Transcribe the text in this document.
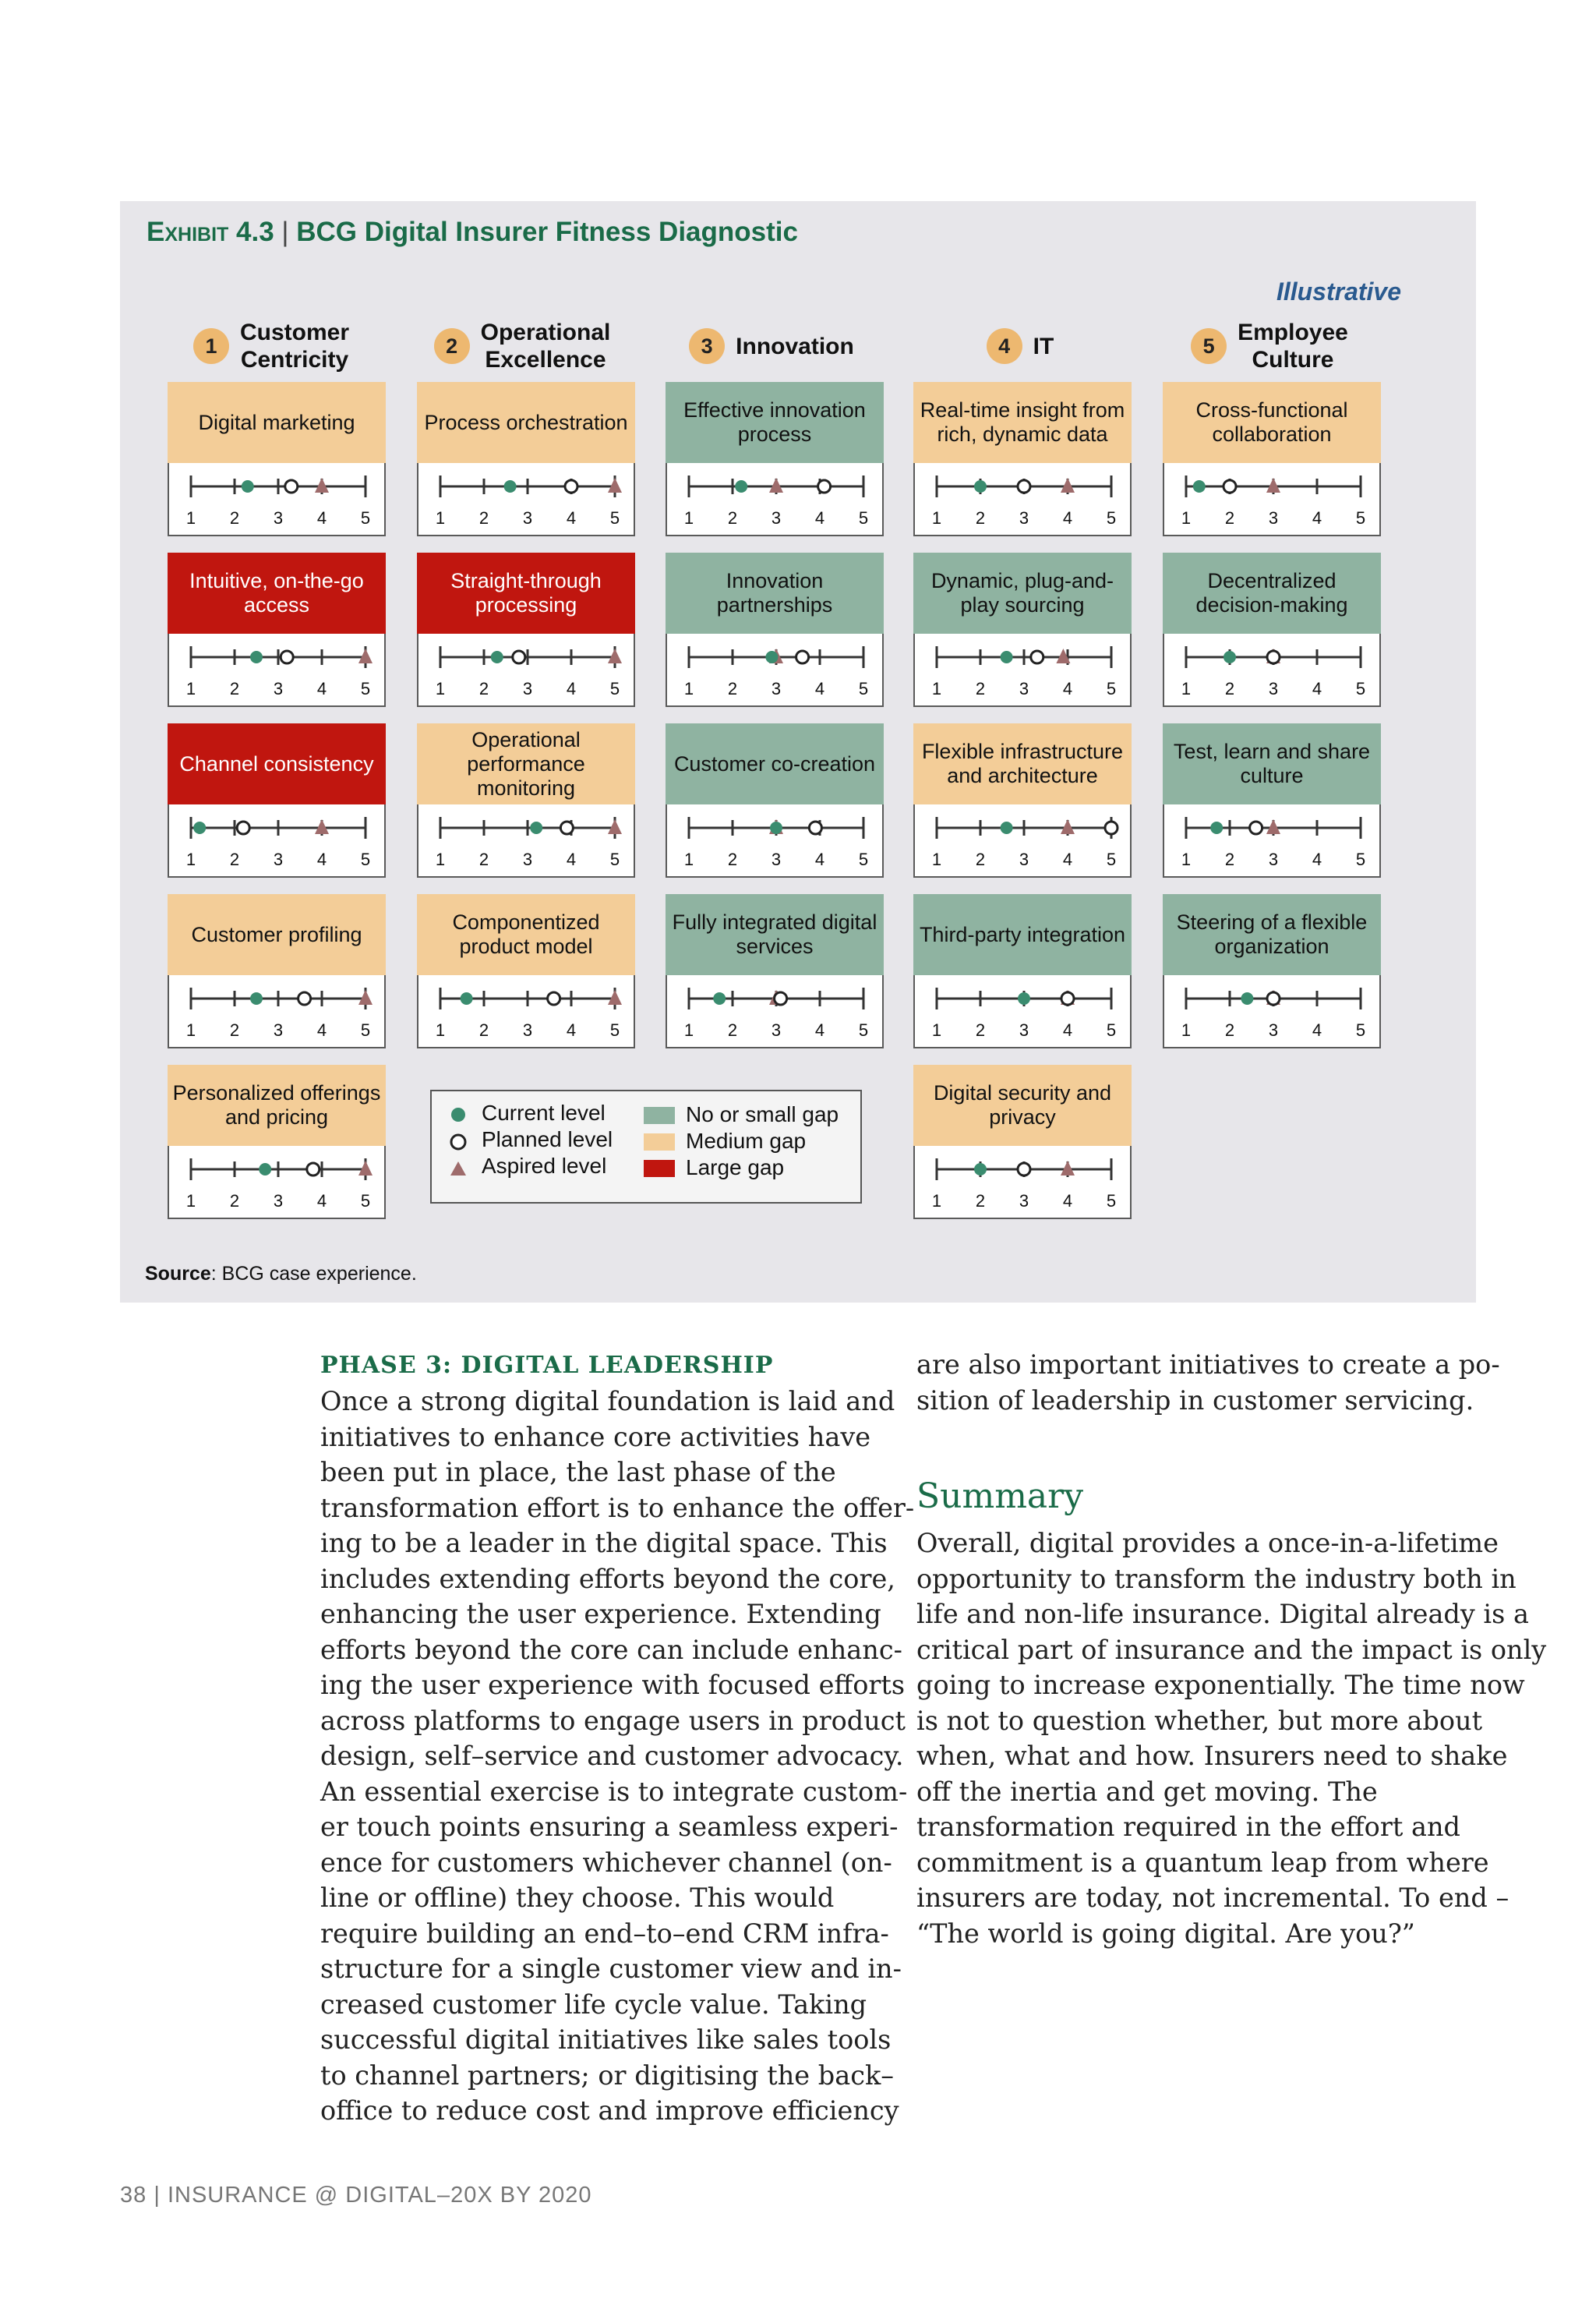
Exhibit 4.3 | BCG Digital Insurer Fitness Diagnostic
Illustrative
1
Customer
Centricity
2
Operational
Excellence
3 Innovation	4 IT	5
Employee
Culture
Digital marketing
1 2 3 4 5
Intuitive, on-the-go access
1 2 3 4 5
Channel consistency
1 2 3 4 5
Customer profiling
1 2 3 4 5
Personalized offerings and pricing
1 2 3 4 5
Process orchestration
1 2 3 4 5
Straight-through processing
1 2 3 4 5
Operational performance monitoring
1 2 3 4 5
Componentized product model
1 2 3 4 5
Effective innovation process
1 2 3 4 5
Innovation partnerships
1 2 3 4 5
Customer co-creation
1 2 3 4 5
Fully integrated digital services
1 2 3 4 5
Real-time insight from rich, dynamic data
1 2 3 4 5
Dynamic, plug-and-play sourcing
1 2 3 4 5
Flexible infrastructure and architecture
1 2 3 4 5
Third-party integration
1 2 3 4 5
Digital security and privacy
1 2 3 4 5
Cross-functional collaboration
1 2 3 4 5
Decentralized decision-making
1 2 3 4 5
Test, learn and share culture
1 2 3 4 5
Steering of a flexible organization
1 2 3 4 5
Current level
Planned level
Aspired level
No or small gap
Medium gap
Large gap
Source: BCG case experience.
PHASE 3: DIGITAL LEADERSHIP
Once a strong digital foundation is laid and
initiatives to enhance core activities have
been put in place, the last phase of the
transformation effort is to enhance the offer-
ing to be a leader in the digital space. This
includes extending efforts beyond the core,
enhancing the user experience. Extending
efforts beyond the core can include enhanc-
ing the user experience with focused efforts
across platforms to engage users in product
design, self–service and customer advocacy.
An essential exercise is to integrate custom-
er touch points ensuring a seamless experi-
ence for customers whichever channel (on-
line or offline) they choose. This would
require building an end–to–end CRM infra-
structure for a single customer view and in-
creased customer life cycle value. Taking
successful digital initiatives like sales tools
to channel partners; or digitising the back–
office to reduce cost and improve efficiency
are also important initiatives to create a po-
sition of leadership in customer servicing.
Summary
Overall, digital provides a once-in-a-lifetime
opportunity to transform the industry both in
life and non-life insurance. Digital already is a
critical part of insurance and the impact is only
going to increase exponentially. The time now
is not to question whether, but more about
when, what and how. Insurers need to shake
off the inertia and get moving. The
transformation required in the effort and
commitment is a quantum leap from where
insurers are today, not incremental. To end –
“The world is going digital. Are you?”
38 | INSURANCE @ DIGITAL–20X BY 2020
